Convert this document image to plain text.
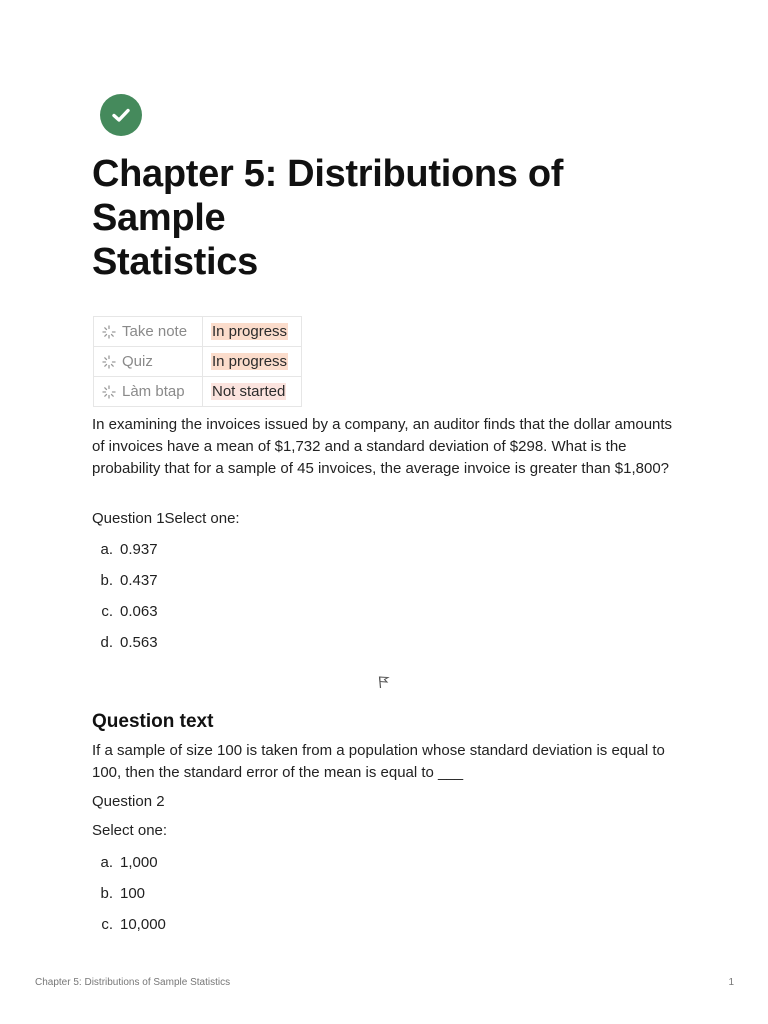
Chapter 5: Distributions of
Sample
Statistics
Take note	In progress
Quiz	In progress
Làm btap	Not started

In examining the invoices issued by a company, an auditor finds that the dollar amounts of invoices have a mean of $1,732 and a standard deviation of $298. What is the probability that for a sample of 45 invoices, the average invoice is greater than $1,800?

Question 1Select one:

a. 0.937
b. 0.437
c. 0.063
d. 0.563
Question text

If a sample of size 100 is taken from a population whose standard deviation is equal to 100, then the standard error of the mean is equal to ___

Question 2

Select one:

a. 1,000
b. 100
c. 10,000
Chapter 5: Distributions of Sample Statistics	1
